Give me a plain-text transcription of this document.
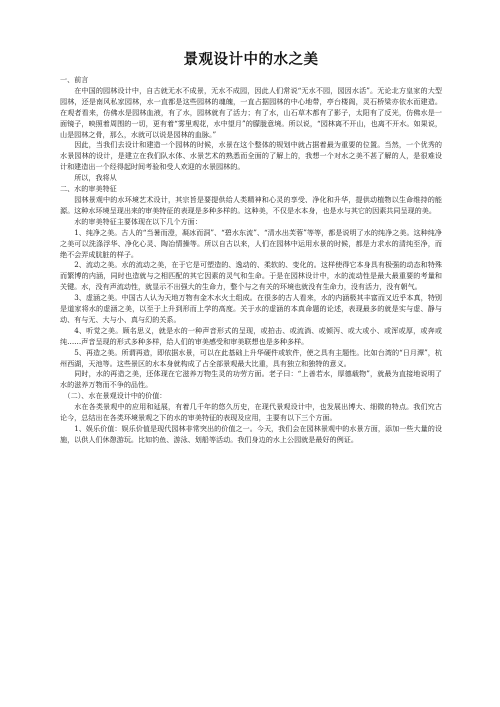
景观设计中的水之美

一、前言

在中国的园林设计中，自古就无水不成景，无水不成园，因此人们常说“无水不园，园因水活”。无论北方皇家的大型园林，还是南风私家园林，水一直都是这些园林的魂魄，一直占据园林的中心地带，亭台楼阁，灵石桥梁亦依水而建造。在观者看来，仿佛水是园林血液，有了水，园林就有了活力；有了水，山石草木都有了影子，太阳有了反光，仿佛水是一面镜子，映照着周围的一切，更有着“雾里观花，水中望月”的朦胧意境。所以说，“园林离不开山，也离不开水。如果说，山是园林之骨，那么，水就可以说是园林的血脉。”

因此，当我们去设计和建造一个园林的时候，水景在这个整体的规划中就占据着最为重要的位置。当然，一个优秀的水景园林的设计，是建立在我们队水体、水景艺术的熟悉而全面的了解上的，我想一个对水之美不甚了解的人，是很难设计和建造出一个经得起时间考验和受人欢迎的水景园林的。

所以，我将从

二、水的审美特征

园林景观中的水环境艺术设计，其宗旨是要提供给人类精神和心灵的享受、净化和升华，提供动植物以生命维持的能源。这种水环境呈现出来的审美特征的表现是多种多样的。这种美，不仅是水本身，也是水与其它的因素共同呈现的美。

水的审美特征主要体现在以下几个方面：

1、纯净之美。古人的“当暑而澄，凝冰而洞”、“碧水东流”、“清水出芙蓉”等等，都是说明了水的纯净之美。这种纯净之美可以洗涤浮华、净化心灵、陶冶情操等。所以自古以来，人们在园林中运用水景的时候，都是力求水的清纯至净，而绝不会弄成肮脏的样子。

2、流动之美。水的流动之美，在于它是可塑造的、逸动的、柔软的、变化的。这样使得它本身具有极强的动态和特殊而繁博的内涵，同时也造就与之相匹配的其它因素的灵气和生命。于是在园林设计中，水的流动性是最大最重要的考量和关键。水，没有声流动性，就显示不出强大的生命力，整个与之有关的环境也就没有生命力，没有活力，没有朝气。

3、虚涵之美。中国古人认为天地万物有金木水火土组成。在很多的古人看来，水的内涵极其丰富而又近乎本真，特别是道家将水的虚涵之美，以至于上升到形而上学的高度。关于水的虚涵的本真命题的论述，表现最多的就是实与虚、静与动、有与无、大与小、真与幻的关系。

4、听觉之美。顾名思义，就是水的一种声音形式的呈现，或拍击、或流淌、或倾泻、或大或小、或浑或厚，或奔或纯……声音呈现的形式多种多样，给人们的审美感受和审美联想也是多种多样。

5、再造之美。所谓再造，即依据水景，可以在此基础上升华硬件或软件，使之具有主题性。比如台湾的“日月潭”，杭州西湖，天池等。这些景区的水本身就构成了占全部景观最大比重，具有独立和独特的意义。

同时，水的再造之美，还体现在它滋养万物生灵的功劳方面。老子曰：“上善若水，厚德载物”，就最为直接地说明了水的滋养万物而不争的品性。

（二）、水在景观设计中的价值：

水在各类景观中的应用和延展，有着几千年的悠久历史，在现代景观设计中，也发展出博大、细微的特点。我们究古论今，总结出在各类环境景观之下的水的审美特征的表现及应用，主要有以下三个方面。

1、娱乐价值：娱乐价值是现代园林非常突出的价值之一。今天，我们会在园林景观中的水景方面，添加一些大量的设施，以供人们休憩游玩。比如钓鱼、游泳、划船等活动。我们身边的水上公园就是最好的例证。
